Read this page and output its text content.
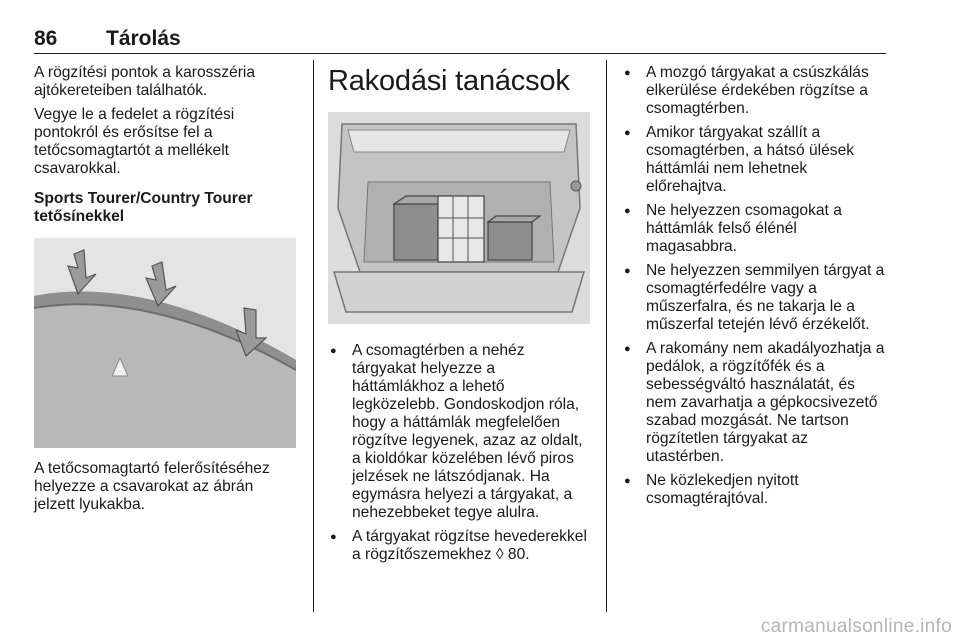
86 Tárolás

A rögzítési pontok a karosszéria ajtókereteiben találhatók.

Vegye le a fedelet a rögzítési pontokról és erősítse fel a tetőcsomagtartót a mellékelt csavarokkal.

Sports Tourer/Country Tourer tetősínekkel

A tetőcsomagtartó felerősítéséhez helyezze a csavarokat az ábrán jelzett lyukakba.

Rakodási tanácsok
● A csomagtérben a nehéz tárgyakat helyezze a háttámlákhoz a lehető legközelebb. Gondoskodjon róla, hogy a háttámlák megfelelően rögzítve legyenek, azaz az oldalt, a kioldókar közelében lévő piros jelzések ne látszódjanak. Ha egymásra helyezi a tárgyakat, a nehezebbeket tegye alulra.
● A tárgyakat rögzítse hevederekkel a rögzítőszemekhez ◊ 80.
● A mozgó tárgyakat a csúszkálás elkerülése érdekében rögzítse a csomagtérben.
● Amikor tárgyakat szállít a csomagtérben, a hátsó ülések háttámlái nem lehetnek előrehajtva.
● Ne helyezzen csomagokat a háttámlák felső élénél magasabbra.
● Ne helyezzen semmilyen tárgyat a csomagtérfedélre vagy a műszerfalra, és ne takarja le a műszerfal tetején lévő érzékelőt.
● A rakomány nem akadályozhatja a pedálok, a rögzítőfék és a sebességváltó használatát, és nem zavarhatja a gépkocsivezető szabad mozgását. Ne tartson rögzítetlen tárgyakat az utastérben.
● Ne közlekedjen nyitott csomagtérajtóval.
carmanualsonline.info
